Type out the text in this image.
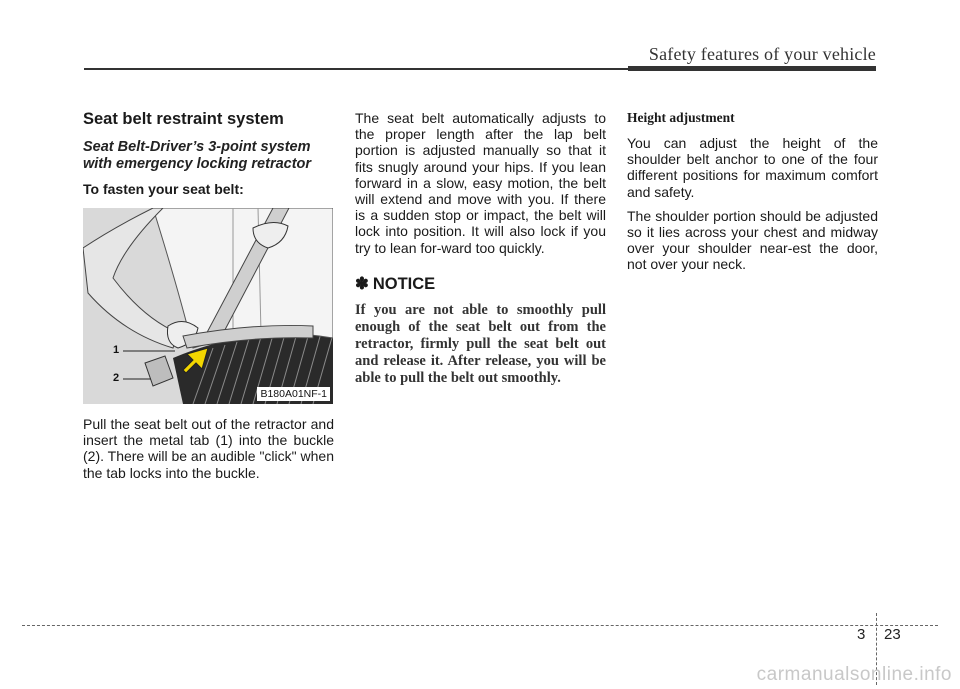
Safety features of your vehicle
Seat belt restraint system
Seat Belt-Driver’s 3-point system with emergency locking retractor
To fasten your seat belt:
1
2
B180A01NF-1

Pull the seat belt out of the retractor and insert the metal tab (1) into the buckle (2). There will be an audible "click" when the tab locks into the buckle.

The seat belt automatically adjusts to the proper length after the lap belt portion is adjusted manually so that it fits snugly around your hips. If you lean forward in a slow, easy motion, the belt will extend and move with you. If there is a sudden stop or impact, the belt will lock into position. It will also lock if you try to lean for-ward too quickly.

✽ NOTICE

If you are not able to smoothly pull enough of the seat belt out from the retractor, firmly pull the seat belt out and release it. After release, you will be able to pull the belt out smoothly.

Height adjustment

You can adjust the height of the shoulder belt anchor to one of the four different positions for maximum comfort and safety.

The shoulder portion should be adjusted so it lies across your chest and midway over your shoulder near-est the door, not over your neck.

3 23
carmanualsonline.info
